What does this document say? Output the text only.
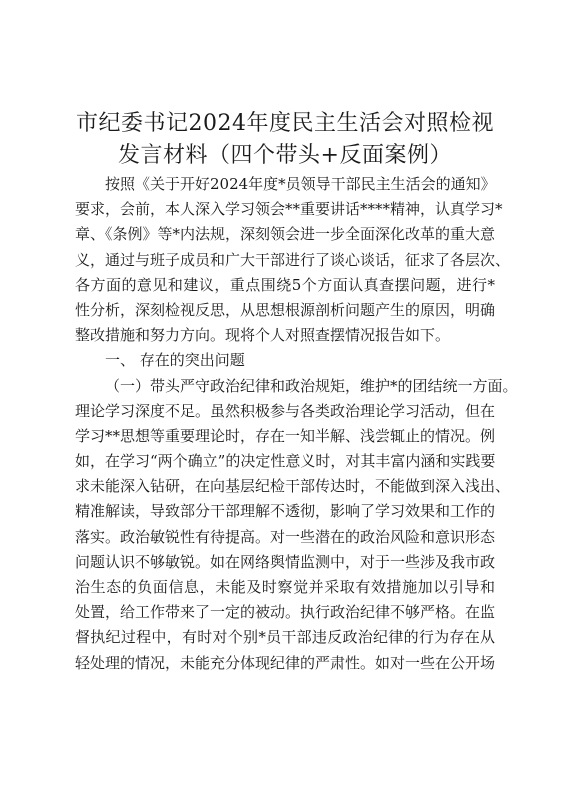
市纪委书记2024年度民主生活会对照检视
发言材料（四个带头+反面案例）
按照《关于开好2024年度*员领导干部民主生活会的通知》
要求，会前，本人深入学习领会**重要讲话****精神，认真学习*
章、《条例》等*内法规，深刻领会进一步全面深化改革的重大意
义，通过与班子成员和广大干部进行了谈心谈话，征求了各层次、
各方面的意见和建议，重点围绕5个方面认真查摆问题，进行*
性分析，深刻检视反思，从思想根源剖析问题产生的原因，明确
整改措施和努力方向。现将个人对照查摆情况报告如下。
一、 存在的突出问题
（一）带头严守政治纪律和政治规矩，维护*的团结统一方面。
理论学习深度不足。虽然积极参与各类政治理论学习活动，但在
学习**思想等重要理论时，存在一知半解、浅尝辄止的情况。例
如，在学习“两个确立”的决定性意义时，对其丰富内涵和实践要
求未能深入钻研，在向基层纪检干部传达时，不能做到深入浅出、
精准解读，导致部分干部理解不透彻，影响了学习效果和工作的
落实。政治敏锐性有待提高。对一些潜在的政治风险和意识形态
问题认识不够敏锐。如在网络舆情监测中，对于一些涉及我市政
治生态的负面信息，未能及时察觉并采取有效措施加以引导和
处置，给工作带来了一定的被动。执行政治纪律不够严格。在监
督执纪过程中，有时对个别*员干部违反政治纪律的行为存在从
轻处理的情况，未能充分体现纪律的严肃性。如对一些在公开场
